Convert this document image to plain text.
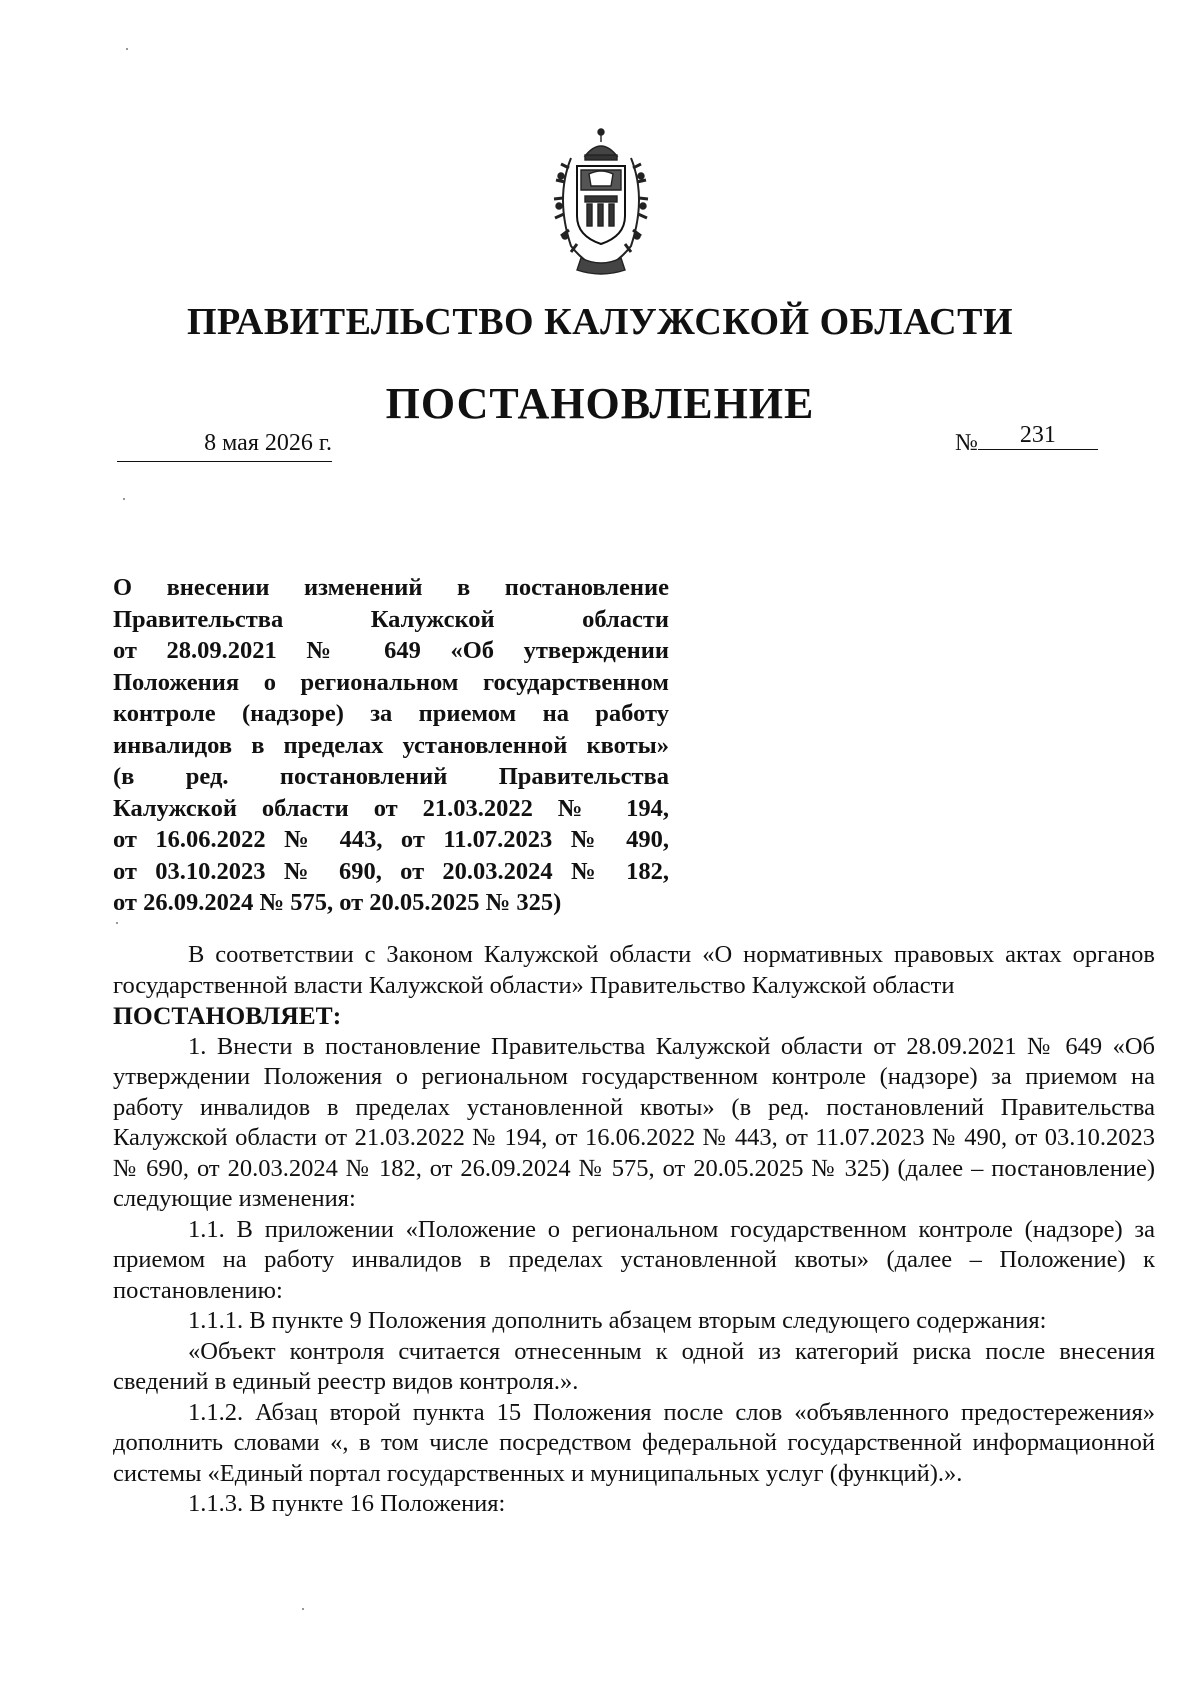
ПРАВИТЕЛЬСТВО КАЛУЖСКОЙ ОБЛАСТИ
ПОСТАНОВЛЕНИЕ
8 мая 2026 г.	№ 231
О внесении изменений в постановление
Правительства Калужской области
от 28.09.2021 № 649 «Об утверждении
Положения о региональном государственном
контроле (надзоре) за приемом на работу
инвалидов в пределах установленной квоты»
(в ред. постановлений Правительства
Калужской области от 21.03.2022 № 194,
от 16.06.2022 № 443, от 11.07.2023 № 490,
от 03.10.2023 № 690, от 20.03.2024 № 182,
от 26.09.2024 № 575, от 20.05.2025 № 325)

В соответствии с Законом Калужской области «О нормативных правовых актах органов государственной власти Калужской области» Правительство Калужской области

ПОСТАНОВЛЯЕТ:

1. Внести в постановление Правительства Калужской области от 28.09.2021 № 649 «Об утверждении Положения о региональном государственном контроле (надзоре) за приемом на работу инвалидов в пределах установленной квоты» (в ред. постановлений Правительства Калужской области от 21.03.2022 № 194, от 16.06.2022 № 443, от 11.07.2023 № 490, от 03.10.2023 № 690, от 20.03.2024 № 182, от 26.09.2024 № 575, от 20.05.2025 № 325) (далее – постановление) следующие изменения:

1.1. В приложении «Положение о региональном государственном контроле (надзоре) за приемом на работу инвалидов в пределах установленной квоты» (далее – Положение) к постановлению:

1.1.1. В пункте 9 Положения дополнить абзацем вторым следующего содержания:

«Объект контроля считается отнесенным к одной из категорий риска после внесения сведений в единый реестр видов контроля.».

1.1.2. Абзац второй пункта 15 Положения после слов «объявленного предостережения» дополнить словами «, в том числе посредством федеральной государственной информационной системы «Единый портал государственных и муниципальных услуг (функций).».

1.1.3. В пункте 16 Положения:
